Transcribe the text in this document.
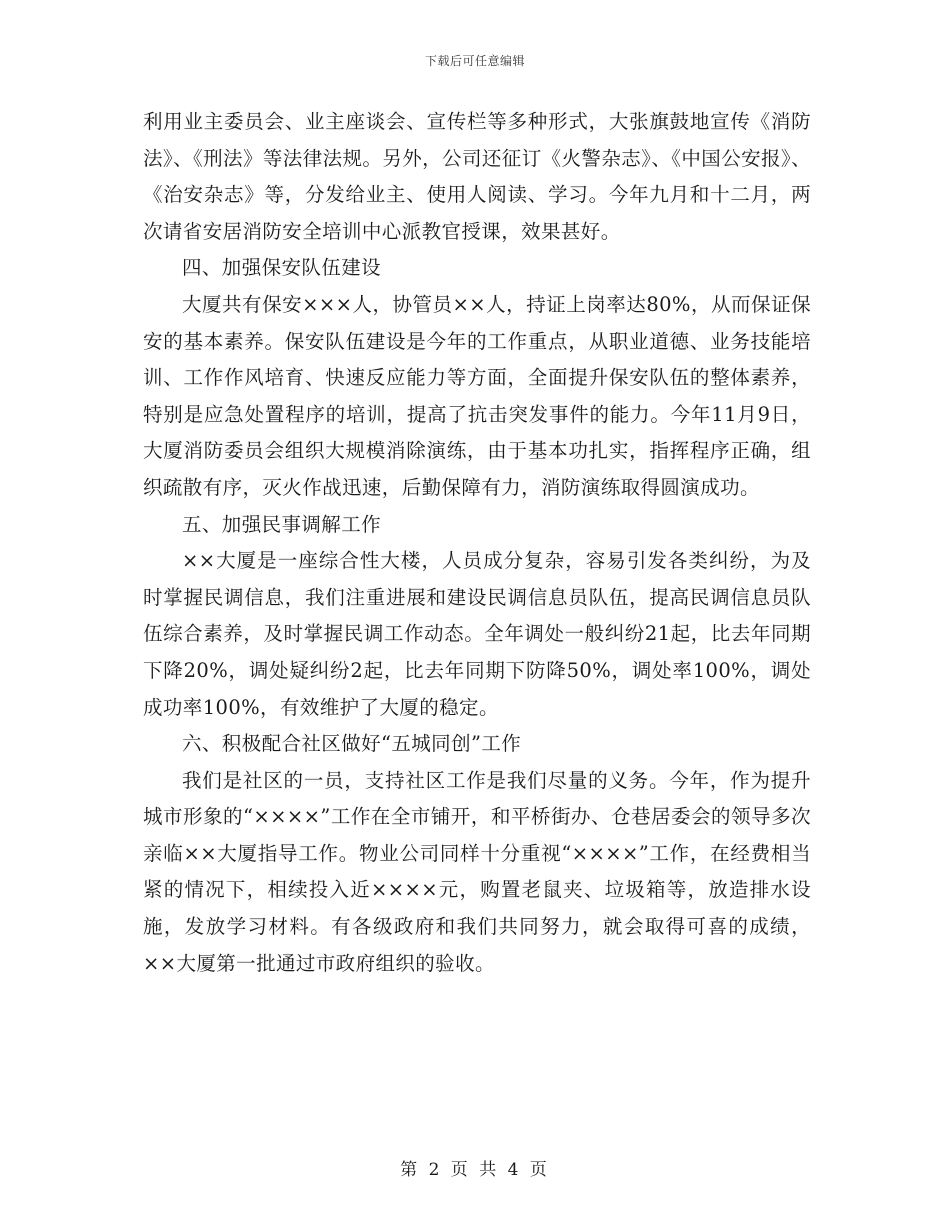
下载后可任意编辑

利用业主委员会、业主座谈会、宣传栏等多种形式，大张旗鼓地宣传《消防法》、《刑法》等法律法规。另外，公司还征订《火警杂志》、《中国公安报》、《治安杂志》等，分发给业主、使用人阅读、学习。今年九月和十二月，两次请省安居消防安全培训中心派教官授课，效果甚好。

四、加强保安队伍建设

大厦共有保安×××人，协管员××人，持证上岗率达80%，从而保证保安的基本素养。保安队伍建设是今年的工作重点，从职业道德、业务技能培训、工作作风培育、快速反应能力等方面，全面提升保安队伍的整体素养，特别是应急处置程序的培训，提高了抗击突发事件的能力。今年11月9日，大厦消防委员会组织大规模消除演练，由于基本功扎实，指挥程序正确，组织疏散有序，灭火作战迅速，后勤保障有力，消防演练取得圆演成功。

五、加强民事调解工作

××大厦是一座综合性大楼，人员成分复杂，容易引发各类纠纷，为及时掌握民调信息，我们注重进展和建设民调信息员队伍，提高民调信息员队伍综合素养，及时掌握民调工作动态。全年调处一般纠纷21起，比去年同期下降20%，调处疑纠纷2起，比去年同期下防降50%，调处率100%，调处成功率100%，有效维护了大厦的稳定。

六、积极配合社区做好“五城同创”工作

我们是社区的一员，支持社区工作是我们尽量的义务。今年，作为提升城市形象的“××××”工作在全市铺开，和平桥街办、仓巷居委会的领导多次亲临××大厦指导工作。物业公司同样十分重视“××××”工作，在经费相当紧的情况下，相续投入近××××元，购置老鼠夹、垃圾箱等，放造排水设施，发放学习材料。有各级政府和我们共同努力，就会取得可喜的成绩，××大厦第一批通过市政府组织的验收。

第 2 页 共 4 页
